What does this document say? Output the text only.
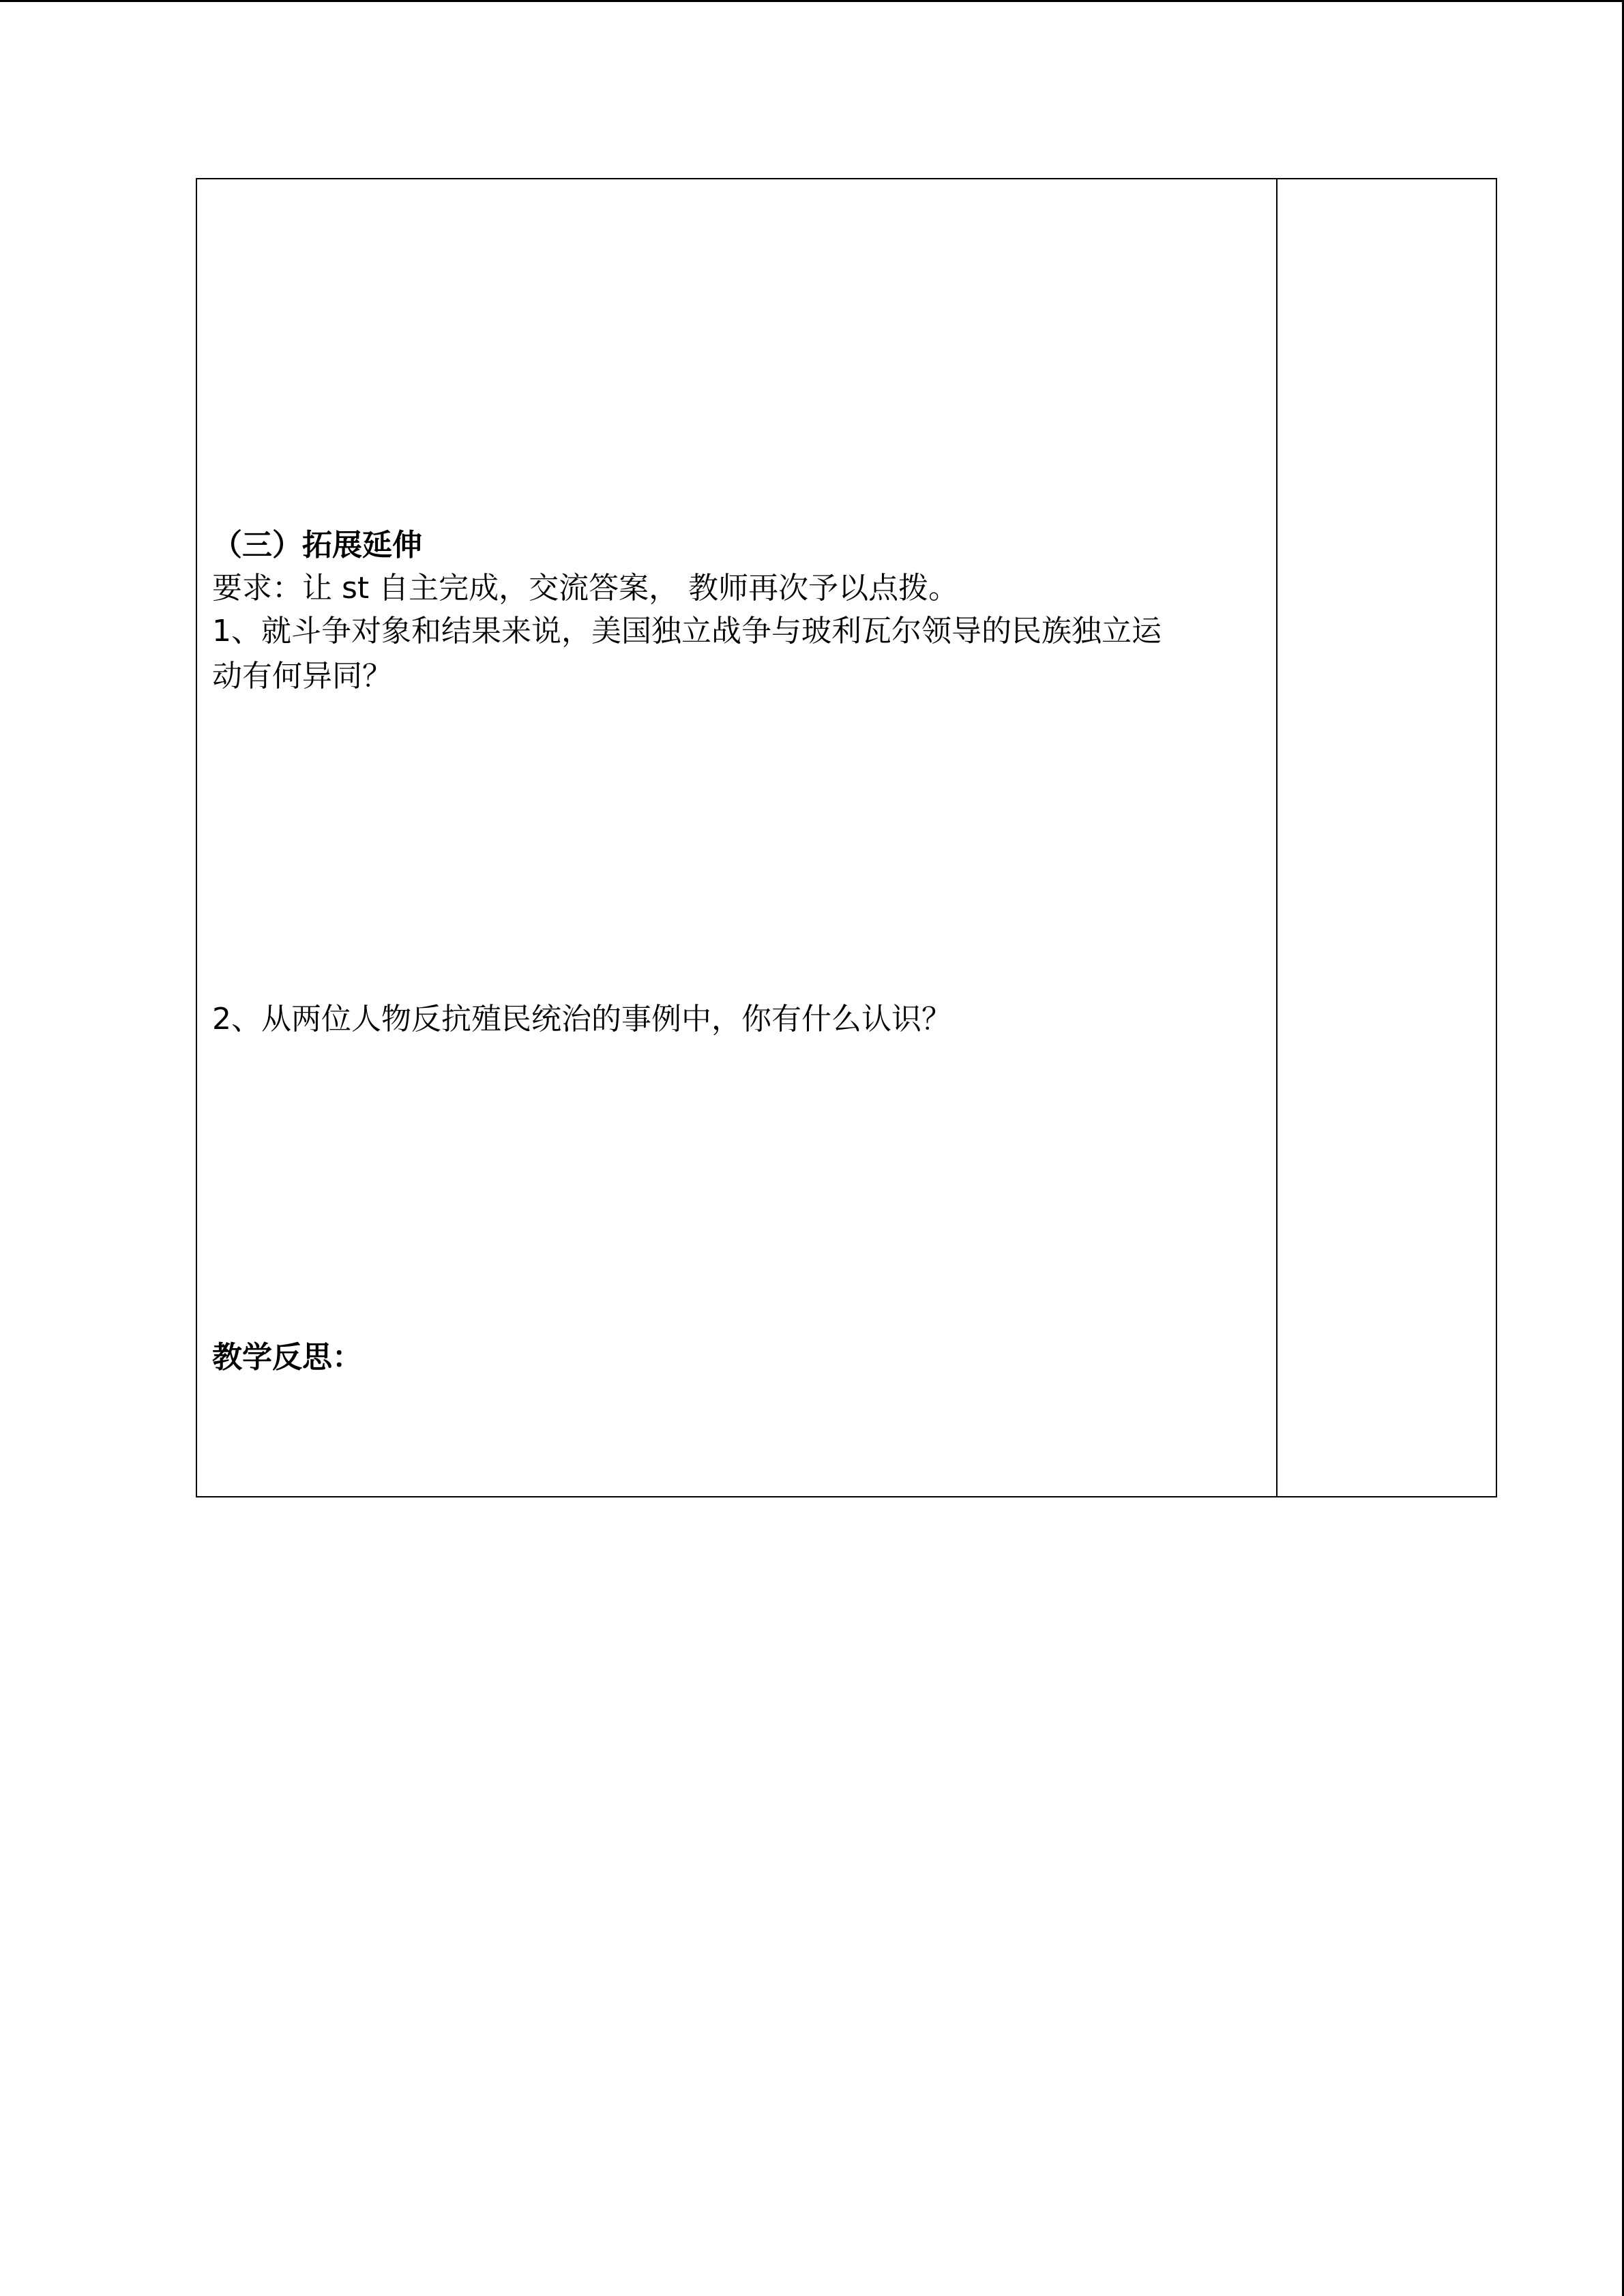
（三）拓展延伸
要求：让 st 自主完成，交流答案， 教师再次予以点拨。
1、就斗争对象和结果来说，美国独立战争与玻利瓦尔领导的民族独立运
动有何异同？
2、从两位人物反抗殖民统治的事例中，你有什么认识？
教学反思：
